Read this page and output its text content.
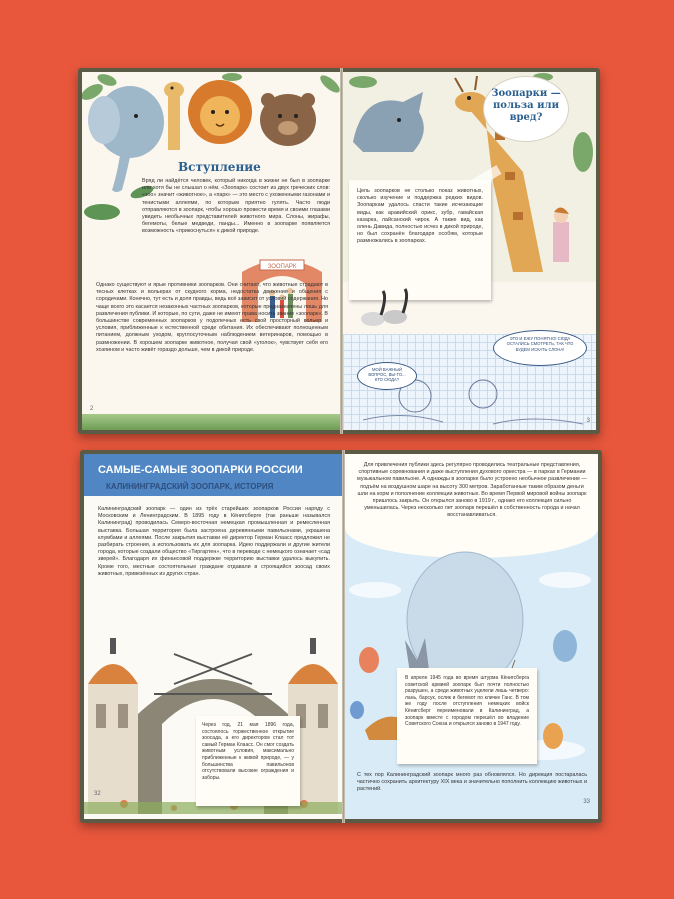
Вступление

Вряд ли найдётся человек, который никогда в жизни не был в зоопарке или хотя бы не слышал о нём. «Зоопарк» состоит из двух греческих слов: «зоо» значит «животное», а «парк» — это место с ухоженными газонами и тенистыми аллеями, по которым приятно гулять. Часто люди отправляются в зоопарк, чтобы хорошо провести время и своими глазами увидеть необычных представителей животного мира. Слоны, жирафы, бегемоты, белые медведи, панды... Именно в зоопарке появляется возможность «прикоснуться» к дикой природе.

ЗООПАРК

Однако существуют и ярые противники зоопарков. Они считают, что животные страдают в тесных клетках и вольерах от скудного корма, недостатка движения и общения с сородичами. Конечно, тут есть и доля правды, ведь всё зависит от условий содержания. Но чаще всего это касается незаконных частных зоопарков, которые предназначены лишь для развлечения публики. И которые, по сути, даже не имеют права носить звание «зоопарк». В большинстве современных зоопарков у подопечных есть свой просторный вольер и условия, приближенные к естественной среде обитания. Их обеспечивают полноценным питанием, должным уходом, круглосуточным наблюдением ветеринаров, помощью в размножении. В хорошем зоопарке животное, получая свой «уголок», чувствует себя его хозяином и часто живёт гораздо дольше, чем в дикой природе.

2
Зоопарки — польза или вред?

Цель зоопарков не столько показ животных, сколько изучение и поддержка редких видов. Зоопаркам удалось спасти такие исчезающие виды, как аравийский орикс, зубр, гавайская казарка, лайсанский чирок. А также вид, как олень Давида, полностью исчез в дикой природе, но был сохранён благодаря особям, которые размножались в зоопарках.

ЭТО И ЕЖУ ПОНЯТНО! СЮДА ОСТАЛИСЬ СМОТРЕТЬ, ТАК ЧТО БУДЕМ ИСКАТЬ СЛОНА!
МОЙ ВАЖНЫЙ ВОПРОС, ВЫ-ТО... КТО СЮДА?
3
САМЫЕ-САМЫЕ ЗООПАРКИ РОССИИ
КАЛИНИНГРАДСКИЙ ЗООПАРК, ИСТОРИЯ

Калининградский зоопарк — один из трёх старейших зоопарков России наряду с Московским и Ленинградским. В 1895 году в Кёнигсберге (так раньше назывался Калининград) проводилась Северо-восточная немецкая промышленная и ремесленная выставка. Большая территория была застроена деревянными павильонами, украшена клумбами и аллеями. После закрытия выставки её директор Герман Клаасс предложил не разбирать строения, а использовать их для зоопарка. Идею поддержали и другие жители города, которые создали общество «Тиргартен», что в переводе с немецкого означает «сад зверей». Благодаря их финансовой поддержке территорию выставки удалось выкупить. Кроме того, местные состоятельные граждане отдавали в строящийся зоосад своих животных, привезённых из других стран.

Через год, 21 мая 1896 года, состоялось торжественное открытие зоосада, а его директором стал тот самый Герман Клаасс. Он смог создать животным условия, максимально приближенные к живой природе, — у большинства павильонов отсутствовали высокие ограждения и заборы.

32

Для привлечения публики здесь регулярно проводились театральные представления, спортивные соревнования и даже выступления духового оркестра — в парках в Германии музыкальном павильоне. А однажды в зоопарке было устроено необычное развлечение — подъём на воздушном шаре на высоту 300 метров. Заработанные таким образом деньги шли на корм и пополнение коллекции животных. Во время Первой мировой войны зоопарк пришлось закрыть. Он открылся заново в 1919 г., однако его коллекция сильно уменьшилась. Через несколько лет зоопарк перешёл в собственность города и начал восстанавливаться.

В апреле 1945 года во время штурма Кёнигсберга советской армией зоопарк был почти полностью разрушен, а среди животных уцелели лишь четверо: лань, барсук, ослик и бегемот по кличке Ганс. В том же году после отступления немецких войск Кёнигсберг переименовали в Калининград, а зоопарк вместе с городом перешёл во владение Советского Союза и открылся заново в 1947 году.

С тех пор Калининградский зоопарк много раз обновлялся. Но дирекция постаралась частично сохранить архитектуру XIX века и значительно пополнить коллекцию животных и растений.

33
